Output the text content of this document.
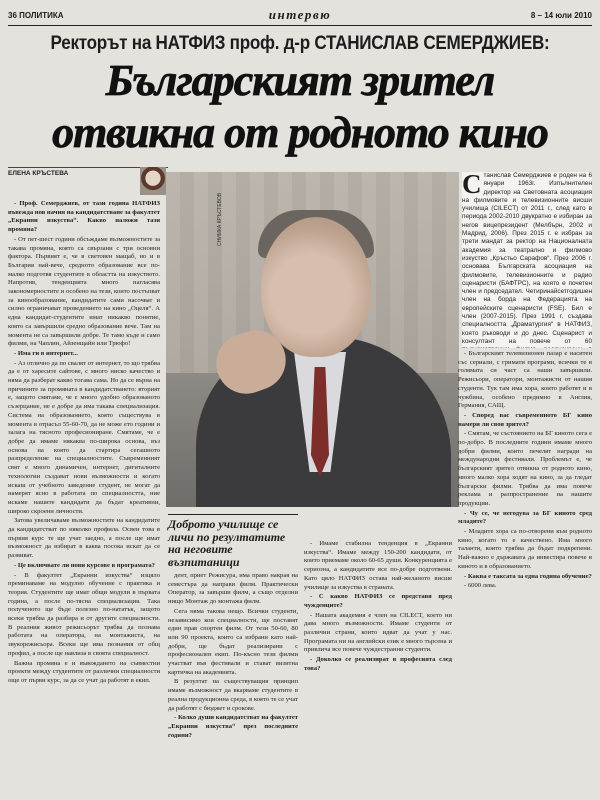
36 ПОЛИТИКА	интервю	8 – 14 юли 2010
Ректорът на НАТФИЗ проф. д-р СТАНИСЛАВ СЕМЕРДЖИЕВ:
Българският зрител
отвикна от родното кино
ЕЛЕНА КРЪСТЕВА
СНИМКА КРЪСТЕВОВ
Станислав Семерджиев е роден на 6 януари 1963г. Изпълнителен директор на Световната асоциация на филмовите и телевизионните висши училища (CILECT) от 2011 г., след като в периода 2002-2010 двукратно е избиран за негов вицепрезидент (Мелбърн, 2002 и Мадрид, 2006). През 2015 г. е избран за трети мандат за ректор на Националната академия за театрално и филмово изкуство „Кръстьо Сарафов“. През 2006 г. основава Българската асоциация на филмовите, телевизионните и радио сценаристи (БАФТРС), на която е почетен член и председател. Четиринайсетгодишен член на борда на Федерацията на европейските сценаристи (FSE). Бил е член (2007-2015). През 1991 г. създава специалността „Драматургия“ в НАТФИЗ, която ръководи и до днес. Сценарист и консултант на повече от 60
Доброто училище се личи по резултатите на неговите възпитаници

- Проф. Семерджиев, от тази година НАТФИЗ въвежда нов начин на кандидатстване за факултет „Екранни изкуства“. Какво наложи тази промяна?

- От пет-шест години обсъждаме възможностите за такава промяна, която са свързани с три основни фактора. Първият е, че в световен мащаб, но и в България най-вече, средното образование все по-малко подготвя студентите в областта на изкуството. Напротив, тенденцията много нагласява закономерностите и особено на тези, които постъпват за кинообразование, кандидатите сами насочват и силно ограничават проведението на кино „Оцеля“. А една кандидат-студентите имат никакво понятие, която са завършили средно образование вече. Там на момента не са завършили добре. Те тамо къде и само филми, на Чаплин, Айзенщайн или Трюфо!

- Има ги в интернет...

- Аз отлично да по свалят от интернет, то що трябва да е от харесите сайтове, с много ниско качество и няма да разберат какво тогава сама. Но да се върна на причините за промяната в кандидатстването: вторият е, защото смятаме, че е много удобно образованото съзерцание, не е добре да има такава специализация. Система на образованието, която съществува в момента в отрасъл 55-60-70, да не може ето години и залага на тясното професиониране. Смятаме, че е добре да имаме някаква по-широка основа, въз основа на която да стартира сегашното разпределение на специалностите. Съвременният свят е много динамичен, интернет, дигиталните технологии създават нови възможности и когато искаш от учебното заведение студент, не могат да намерят ясно в работата по специалността, ние искаме нашите кандидати да бъдат креативни, широко скроени личности.

Затова увеличаваме възможностите на кандидатите да кандидатстват по няколко профила. Освен това в първия курс те ще учат заедно, а после ще имат възможност да избират в каква посока искат да се развиват.

- Це включвате ли нови курсове в програмата?

- В факултет „Екранни изкуства“ изцяло преминаваме на модулно обучение с практика и теория. Студентите ще имат общи модули в първата година, а после по-тясна специализация. Така полученото ще бъде полезно по-нататък, защото всеки трябва да разбира и от другите специалности. В реалния живот режисьорът трябва да познава работата на оператора, на монтажиста, на звукорежисьора. Всеки ще има познания от общ профил, а после ще навлиза в своята специалност.

Важна промяна е и въвеждането на съвместни проекти между студентите от различни специалности още от първи курс, за да се учат да работят в екип.

дент, приет Режисура, има право накрая на семестъра да направи филм. Практически Оператор, за завърши филм, а също отделни нищо Монтаж до монтажа филм.

Сега няма такова нещо. Всички студенти, независимо кои специалности, ще поставят един прав спортен филм. От тези 50-60, 80 или 90 проекта, които са избрани като най-добри, ще бъдат реализирани с професионален екип. По-късно тези филми участват във фестивали и стават визитна картичка на академията.

В резултат на съществуващия принцип имаме възможност да вкарваме студентите в реална продукционна среда, в която те се учат да работят с бюджет и срокове.

- Колко души кандидатстват на факултет „Екранни изкуства“ през последните години?

- Имаме стабилна тенденция в „Екранни изкуства“. Имаме между 150-200 кандидати, от които приемаме около 60-65 души. Конкуренцията е сериозна, а кандидатите все по-добре подготвени. Като цяло НАТФИЗ остава най-желаното висше училище за изкуства в страната.

- С какво НАТФИЗ се представя пред чужденците?

- Нашата академия е член на CILECT, което ни дава много възможности. Имаме студенти от различни страни, които идват да учат у нас. Програмата ни на английски език е много търсена и привлича все повече чуждестранни студенти.

- Доколко се реализират в професията след това?

- Българският телевизионен пазар е наситен със сериали, с гримати програми, всички те в голямата си част са наши завършили. Режисьори, оператори, монтажисти от нашия студенти. Тук там има хора, които работят и в чужбина, особено предимно в Англия, Германия, САЩ.

- Според вас съвременното БГ кино намери ли своя зрител?

- Смятам, че състоянието на БГ киното сега е по-добро. В последните години имаме много добри филми, които печелят награди на международни фестивали. Проблемът е, че българският зрител отвикна от родното кино, много малко хора ходят на кино, за да гледат български филми. Трябва да има повече реклама и разпространение на нашите продукции.

- Чу се, че негодува за БГ киното сред младите?

- Младите хора са по-отворени към родното кино, когато то е качествено. Има много таланти, които трябва да бъдат подкрепени. Най-важно е държавата да инвестира повече в киното и в образованието.

- Каква е таксата за една година обучение?

- 6000 лева.
